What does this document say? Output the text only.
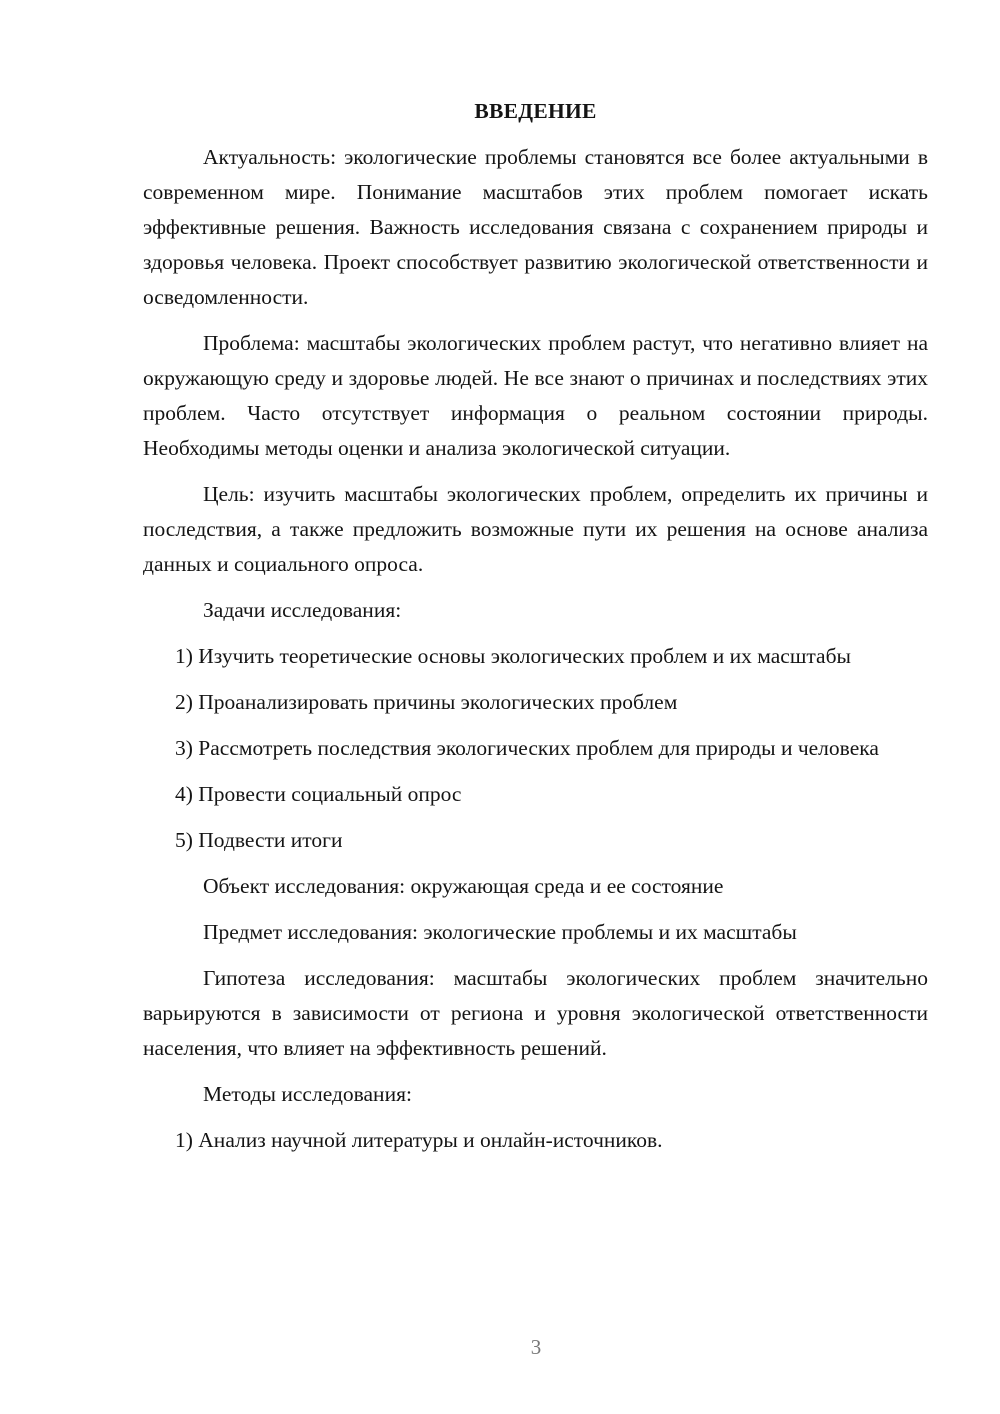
ВВЕДЕНИЕ

Актуальность: экологические проблемы становятся все более актуальными в современном мире. Понимание масштабов этих проблем помогает искать эффективные решения. Важность исследования связана с сохранением природы и здоровья человека. Проект способствует развитию экологической ответственности и осведомленности.

Проблема: масштабы экологических проблем растут, что негативно влияет на окружающую среду и здоровье людей. Не все знают о причинах и последствиях этих проблем. Часто отсутствует информация о реальном состоянии природы. Необходимы методы оценки и анализа экологической ситуации.

Цель: изучить масштабы экологических проблем, определить их причины и последствия, а также предложить возможные пути их решения на основе анализа данных и социального опроса.

Задачи исследования:

1) Изучить теоретические основы экологических проблем и их масштабы

2) Проанализировать причины экологических проблем

3) Рассмотреть последствия экологических проблем для природы и человека

4) Провести социальный опрос

5) Подвести итоги

Объект исследования: окружающая среда и ее состояние

Предмет исследования: экологические проблемы и их масштабы

Гипотеза исследования: масштабы экологических проблем значительно варьируются в зависимости от региона и уровня экологической ответственности населения, что влияет на эффективность решений.

Методы исследования:

1) Анализ научной литературы и онлайн-источников.

3
